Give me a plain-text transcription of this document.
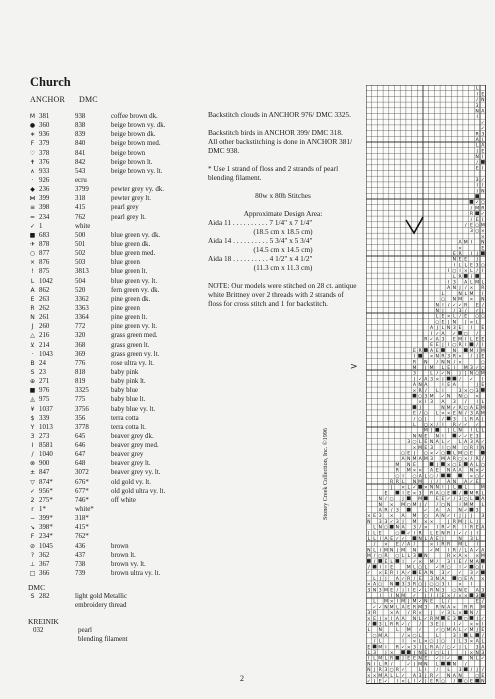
Church
ANCHOR DMC
M 381	938	coffee brown dk.
● 360	838	beige brown vy. dk.
∗ 936	839	beige brown dk.
F 379	840	beige brown med.
♡ 378	841	beige brown
✝ 376	842	beige brown lt.
∧ 933	543	beige brown vy. lt.
· 926	ecru
◆ 236	3799	pewter grey vy. dk.
⋈ 399	318	pewter grey lt.
≡ 398	415	pearl grey
= 234	762	pearl grey lt.
✓ 1	white
■ 683	500	blue green vy. dk.
✈ 878	501	blue green dk.
○ 877	502	blue green med.
× 876	503	blue green
! 875	3813	blue green lt.
L 1042	504	blue green vy. lt.
A 862	520	fern green vy. dk.
E 263	3362	pine green dk.
R 262	3363	pine green
N 261	3364	pine green lt.
J 260	772	pine green vy. lt.
△ 216	320	grass green med.
⊻ 214	368	grass green lt.
· 1043	369	grass green vy. lt.
B 24	776	rose ultra vy. lt.
S 23	818	baby pink
⊕ 271	819	baby pink lt.
■ 976	3325	baby blue
◬ 975	775	baby blue lt.
¥ 1037	3756	baby blue vy. lt.
$ 339	356	terra cotta
Y 1013	3778	terra cotta lt.
3 273	645	beaver grey dk.
I 8581	646	beaver grey med.
/ 1040	647	beaver grey
⊗ 900	648	beaver grey lt.
± 847	3072	beaver grey vy. lt.
▽ 874*	676*	old gold vy. lt.
✓ 956*	677*	old gold ultra vy. lt.
2 275*	746*	off white
r 1*	white*
− 399*	318*
↘ 398*	415*
F 234*	762*
⊘ 1045	436	brown
? 362	437	brown lt.
⊥ 367	738	brown vy. lt.
□ 366	739	brown ultra vy. lt.
DMC
S 282	light gold Metallic
embroidery thread
KREINIK
032	pearl
blending filament

Backstitch clouds in ANCHOR 976/ DMC 3325.

Backstitch birds in ANCHOR 399/ DMC 318.

All other backstitching is done in ANCHOR 381/ DMC 938.

* Use 1 strand of floss and 2 strands of pearl blending filament.

80w x 80h Stitches

Approximate Design Area:
Aida 11 . . . . . . . . . . 7 1/4" x 7 1/4"
(18.5 cm x 18.5 cm)
Aida 14 . . . . . . . . . . 5 3/4" x 5 3/4"
(14.5 cm x 14.5 cm)
Aida 18 . . . . . . . . . . 4 1/2" x 4 1/2"
(11.3 cm x 11.3 cm)

NOTE: Our models were stitched on 28 ct. antique white Brittney over 2 threads with 2 strands of floss for cross stitch and 1 for backstitch.

>
Stoney Creek Collection, Inc. ©1996
L
I E
/ N
3
N A
I
✓
✓
R 3
A I
L A
J E
N I
/
E I
3 ✓
I I
I N
✓ ○
/ M R
R ✓
/ E I
/ E ○ M
3 ○ ×
×
A M I N
×	E
E R I J
N E E J
I L L E 3 ○
I ○ I × L / I
L R I
I 3 A L M L
A N J / × R
L	N L M I
○ N M × N
N I / ✓ ✓ R E /
N J / 3 / ✓ J
L E × L / E ○ ○
○ E J N J × L
A J L N 3 E I E
I ✓ A ✓ ○ /
R ✓ A 3 E M I L E E
E E J I ○ R I / I
E R A E	N	M I M
I	× N R 3 R × / J E
R N / N N / ×	○
M J M L E I M 3 ✓ ○
3	L / ✓ N J J N ○ M
J ✓ A 3 × J	/ ✓ I
A N A	I E A	J E
× R / L I	3 × ○ 3
○ 3 M ✓ N N ○ ×
× I 3 A 3 / I L
J	N M ✓ R ○ A E M
E / ○ L × × E N / 3 A M
/ ○ J	/ 3 L R A J
L ○ × / I R ✓ ✓ ✓
M J	J L N I L L
N N E N I	✓ ✓ E 3
3 ○ L E N A L ✓ L A 3 A ✓
× M E 3 I ○ M ○ R I N
○ E J ○ × ✓ ○ L M ○ E
A N M A M 3 M A R ○ × / R /
M N E	J × ○ E A L ○
R M × × A E N A A N × ✓
○ I ○ A L ○ /	× ○ ✓
R R L N M / / A N A ✓ E
J × L ✓ × N N I J L L	M
E	I E × 3 R A ○ E / M R L
N / ○ J	M	E E ✓ / 3 ○ L A
N × M ○ M J / / ○ N I M M L
A R / 3	✓ A A N ✓ 3
× E 3 × A M ○ A N ✓ I J J J 3
N 3 3 ✓ 3 J M × ×	J R M J L J
L N ○ N A 3 / × I R ✓ R I R E A
J L E	○ ✓ I R L E N R J ✓ / J I
L L I A E ✓ ✓	N L A E J	N 3 L
/ × E / A /	× I R R M L I
N L I M N J M N	✓ M I R / L A ✓ A
M / ○ R ○ L L 3 N	R × A × × M
/ E L I ✓ × M / 3 I E / M A
/ I I E	M L ○ L ✓ R ○ I ✓ ○ I
✓ × E R I A ✓ E A N 3 ✓ ✓ 3 ✓
L J J A ✓ R / E 3 N A	○ E A ×
× A ○ N 3 3 R ○ J ○ ○ 3 I × I
3 N 3 M E / J I E ✓ L R N 3 ○ N E A 3
I I N M ✓ J I I E × / × × 3
L M × I M J M ✓ N E L /	E /
✓ ✓ N M L A E R M 3 R N A × R R M
3 R	× A / R × J ✓ 3 L × N /
× E J × I A A N L ✓ R M E 3 ○ J ✓
/ 3 L R R ✓ / / 3 E J I ✓ × × I
L N	L M ✓	✓ ○ M A L ✓ M J E
○ M A	/ × ○ L	L	3 J L /
/ L	I × L × ○ J ○ J L 3 × A L
E M I R ✓ × 3 J L R A / ○ ✓ J L 3 A
L 3 J ×	J N E / ○ L J	J × N 3
I L M L R J E E N E ✓ I ✓	N L ✓
N I L R /	✓ J M N L	N /
N J R 3 ○ R ✓	L I / L 3 / J /
× × M A L L ✓ A 3 J R ✓ N A N	○ E
✓ J E ✓ I × L I ✓ J E R ○ / ○ E N
2
